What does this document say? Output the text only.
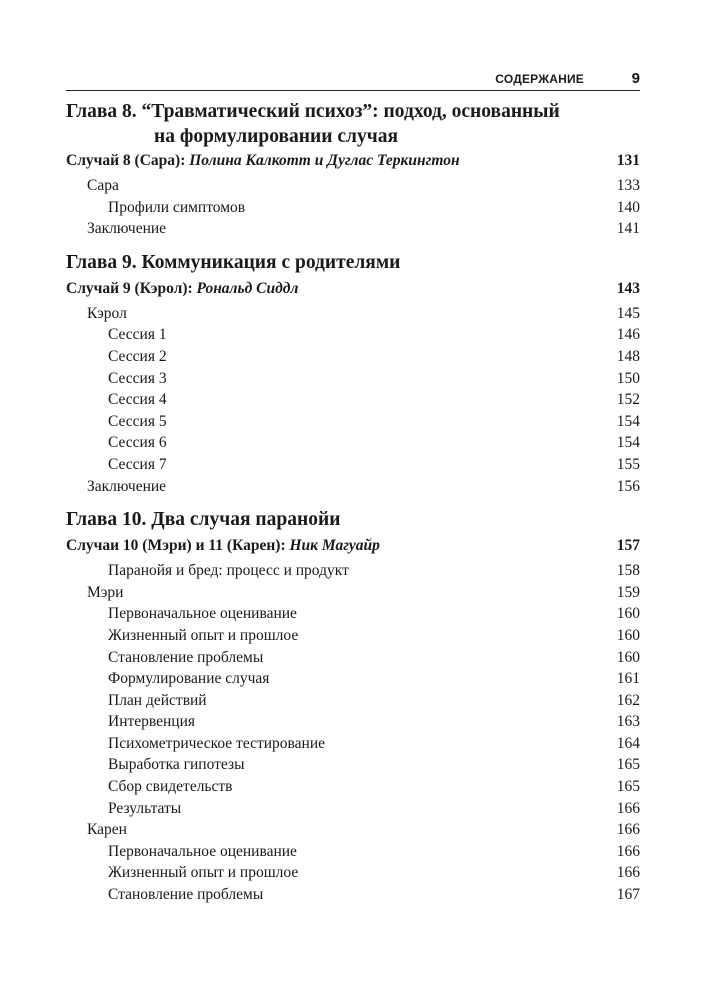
СОДЕРЖАНИЕ	9
Глава 8. “Травматический психоз”: подход, основанный
на формулировании случая
Случай 8 (Сара): Полина Калкотт и Дуглас Теркингтон	131
Сара	133
Профили симптомов	140
Заключение	141
Глава 9. Коммуникация с родителями
Случай 9 (Кэрол): Рональд Сиддл	143
Кэрол	145
Сессия 1	146
Сессия 2	148
Сессия 3	150
Сессия 4	152
Сессия 5	154
Сессия 6	154
Сессия 7	155
Заключение	156
Глава 10. Два случая паранойи
Случаи 10 (Мэри) и 11 (Карен): Ник Магуайр	157
Паранойя и бред: процесс и продукт	158
Мэри	159
Первоначальное оценивание	160
Жизненный опыт и прошлое	160
Становление проблемы	160
Формулирование случая	161
План действий	162
Интервенция	163
Психометрическое тестирование	164
Выработка гипотезы	165
Сбор свидетельств	165
Результаты	166
Карен	166
Первоначальное оценивание	166
Жизненный опыт и прошлое	166
Становление проблемы	167
